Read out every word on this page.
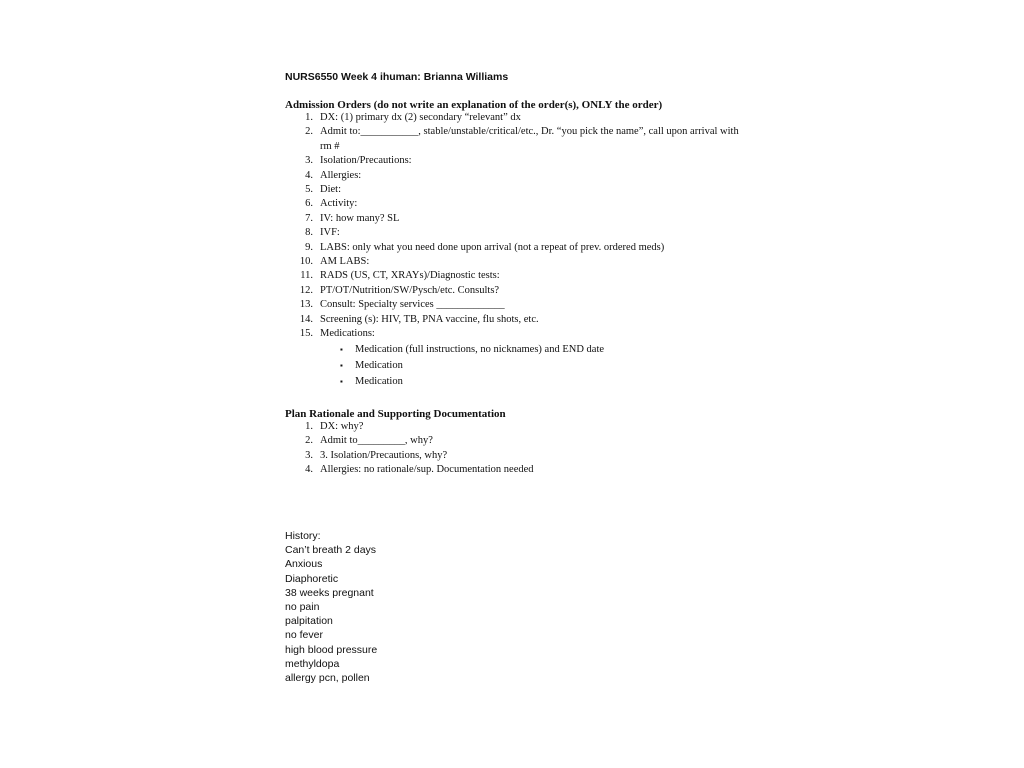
NURS6550 Week 4 ihuman: Brianna Williams
Admission Orders (do not write an explanation of the order(s), ONLY the order)
1. DX: (1) primary dx (2) secondary “relevant” dx
2. Admit to:___________, stable/unstable/critical/etc., Dr. “you pick the name”, call upon arrival with rm #
3. Isolation/Precautions:
4. Allergies:
5. Diet:
6. Activity:
7. IV: how many? SL
8. IVF:
9. LABS: only what you need done upon arrival (not a repeat of prev. ordered meds)
10. AM LABS:
11. RADS (US, CT, XRAYs)/Diagnostic tests:
12. PT/OT/Nutrition/SW/Pysch/etc. Consults?
13. Consult: Specialty services _____________
14. Screening (s): HIV, TB, PNA vaccine, flu shots, etc.
15. Medications:
▪ Medication (full instructions, no nicknames) and END date
▪ Medication
▪ Medication
Plan Rationale and Supporting Documentation
1. DX: why?
2. Admit to_________, why?
3. 3. Isolation/Precautions, why?
4. Allergies: no rationale/sup. Documentation needed
History:
Can’t breath 2 days
Anxious
Diaphoretic
38 weeks pregnant
no pain
palpitation
no fever
high blood pressure
methyldopa
allergy pcn, pollen
